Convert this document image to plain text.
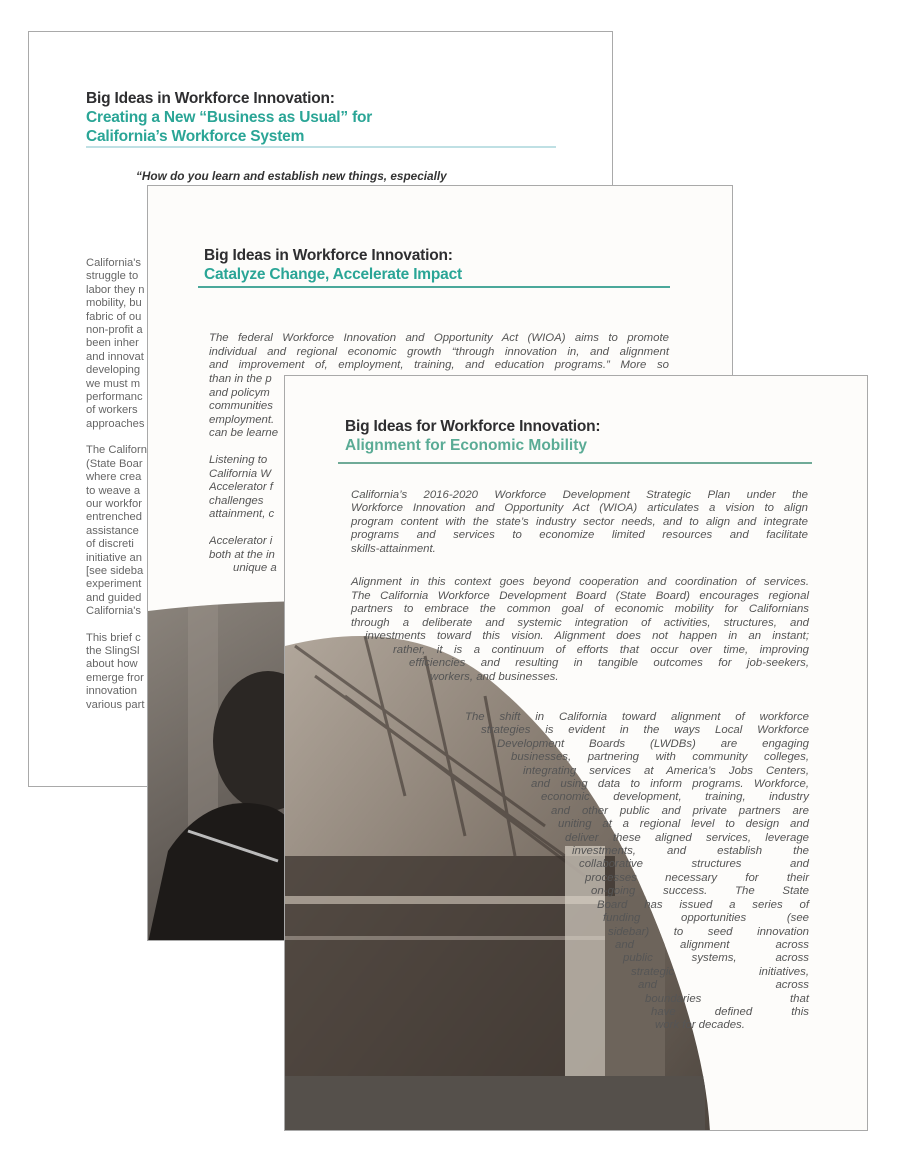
Big Ideas in Workforce Innovation:
Creating a New “Business as Usual” for
California’s Workforce System
“How do you learn and establish new things, especially
California's
struggle to
labor they n
mobility, bu
fabric of ou
non-profit a
been inher
and innovat
developing
we must m
performanc
of workers
approaches
The Californ
(State Boar
where crea
to weave a
our workfor
entrenched
assistance
of discreti
initiative an
[see sideba
experiment
and guided
California's
This brief c
the SlingSl
about how
emerge fror
innovation
various part
Big Ideas in Workforce Innovation:
Catalyze Change, Accelerate Impact
The federal Workforce Innovation and Opportunity Act (WIOA) aims to promote
individual and regional economic growth “through innovation in, and alignment
and improvement of, employment, training, and education programs.” More so
than in the p
and policym
communities
employment.
can be learne
Listening to
California W
Accelerator f
challenges
attainment, c
Accelerator i
both at the in
unique a
Big Ideas for Workforce Innovation:
Alignment for Economic Mobility
California’s 2016-2020 Workforce Development Strategic Plan under the
Workforce Innovation and Opportunity Act (WIOA) articulates a vision to align
program content with the state’s industry sector needs, and to align and integrate
programs and services to economize limited resources and facilitate
skills-attainment.
Alignment in this context goes beyond cooperation and coordination of services.
The California Workforce Development Board (State Board) encourages regional
partners to embrace the common goal of economic mobility for Californians
through a deliberate and systemic integration of activities, structures, and
investments toward this vision. Alignment does not happen in an instant;
rather, it is a continuum of efforts that occur over time, improving
efficiencies and resulting in tangible outcomes for job-seekers,
workers, and businesses.
The shift in California toward alignment of workforce
strategies is evident in the ways Local Workforce
Development Boards (LWDBs) are engaging
businesses, partnering with community colleges,
integrating services at America’s Jobs Centers,
and using data to inform programs. Workforce,
economic development, training, industry
and other public and private partners are
uniting at a regional level to design and
deliver these aligned services, leverage
investments, and establish the
collaborative structures and
processes necessary for their
on-going success. The State
Board has issued a series of
funding opportunities (see
sidebar) to seed innovation
and alignment across
public systems, across
strategic initiatives,
and across
boundaries that
have defined this
work for decades.
